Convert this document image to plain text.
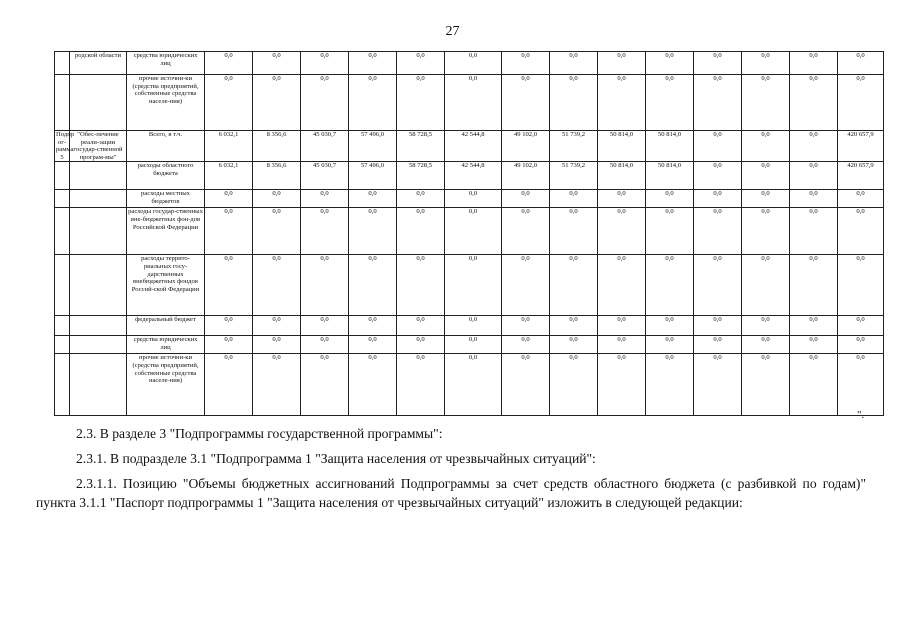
27
	родской области	средства юридических лиц	0,0	0,0	0,0	0,0	0,0	0,0	0,0	0,0	0,0	0,0	0,0	0,0	0,0	0,0
		прочие источни-ки (средства предприятий, собственные средства населе-ния)	0,0	0,0	0,0	0,0	0,0	0,0	0,0	0,0	0,0	0,0	0,0	0,0	0,0	0,0
Подпр ог-рамма 5	"Обес-печение реали-зации государ-ственной програм-мы"	Всего, в т.ч.	6 032,1	8 356,6	45 030,7	57 496,0	58 728,5	42 544,8	49 102,0	51 739,2	50 814,0	50 814,0	0,0	0,0	0,0	420 657,9
		расходы областного бюджета	6 032,1	8 356,6	45 030,7	57 496,0	58 728,5	42 544,8	49 102,0	51 739,2	50 814,0	50 814,0	0,0	0,0	0,0	420 657,9
		расходы местных бюджетов	0,0	0,0	0,0	0,0	0,0	0,0	0,0	0,0	0,0	0,0	0,0	0,0	0,0	0,0
		расходы государ-ственных вне-бюджетных фон-дов Российской Федерации	0,0	0,0	0,0	0,0	0,0	0,0	0,0	0,0	0,0	0,0	0,0	0,0	0,0	0,0
		расходы террито-риальных госу-дарственных внебюджетных фондов Россий-ской Федерации	0,0	0,0	0,0	0,0	0,0	0,0	0,0	0,0	0,0	0,0	0,0	0,0	0,0	0,0
		федеральный бюджет	0,0	0,0	0,0	0,0	0,0	0,0	0,0	0,0	0,0	0,0	0,0	0,0	0,0	0,0
		средства юридических лиц	0,0	0,0	0,0	0,0	0,0	0,0	0,0	0,0	0,0	0,0	0,0	0,0	0,0	0,0
		прочие источни-ки (средства предприятий, собственные средства населе-ния)	0,0	0,0	0,0	0,0	0,0	0,0	0,0	0,0	0,0	0,0	0,0	0,0	0,0	0,0
".
2.3. В разделе 3 "Подпрограммы государственной программы":
2.3.1. В подразделе 3.1 "Подпрограмма 1 "Защита населения от чрезвычайных ситуаций":
2.3.1.1. Позицию "Объемы бюджетных ассигнований Подпрограммы за счет средств областного бюджета (с разбивкой по годам)" пункта 3.1.1 "Паспорт подпрограммы 1 "Защита населения от чрезвычайных ситуаций" изложить в следующей редакции:
